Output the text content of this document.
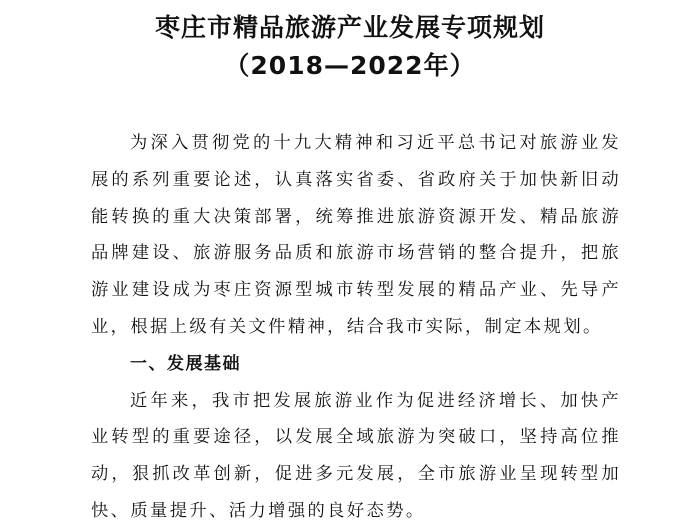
枣庄市精品旅游产业发展专项规划
（2018—2022年）

为深入贯彻党的十九大精神和习近平总书记对旅游业发展的系列重要论述，认真落实省委、省政府关于加快新旧动能转换的重大决策部署，统筹推进旅游资源开发、精品旅游品牌建设、旅游服务品质和旅游市场营销的整合提升，把旅游业建设成为枣庄资源型城市转型发展的精品产业、先导产业，根据上级有关文件精神，结合我市实际，制定本规划。

一、发展基础

近年来，我市把发展旅游业作为促进经济增长、加快产业转型的重要途径，以发展全域旅游为突破口，坚持高位推动，狠抓改革创新，促进多元发展，全市旅游业呈现转型加快、质量提升、活力增强的良好态势。
